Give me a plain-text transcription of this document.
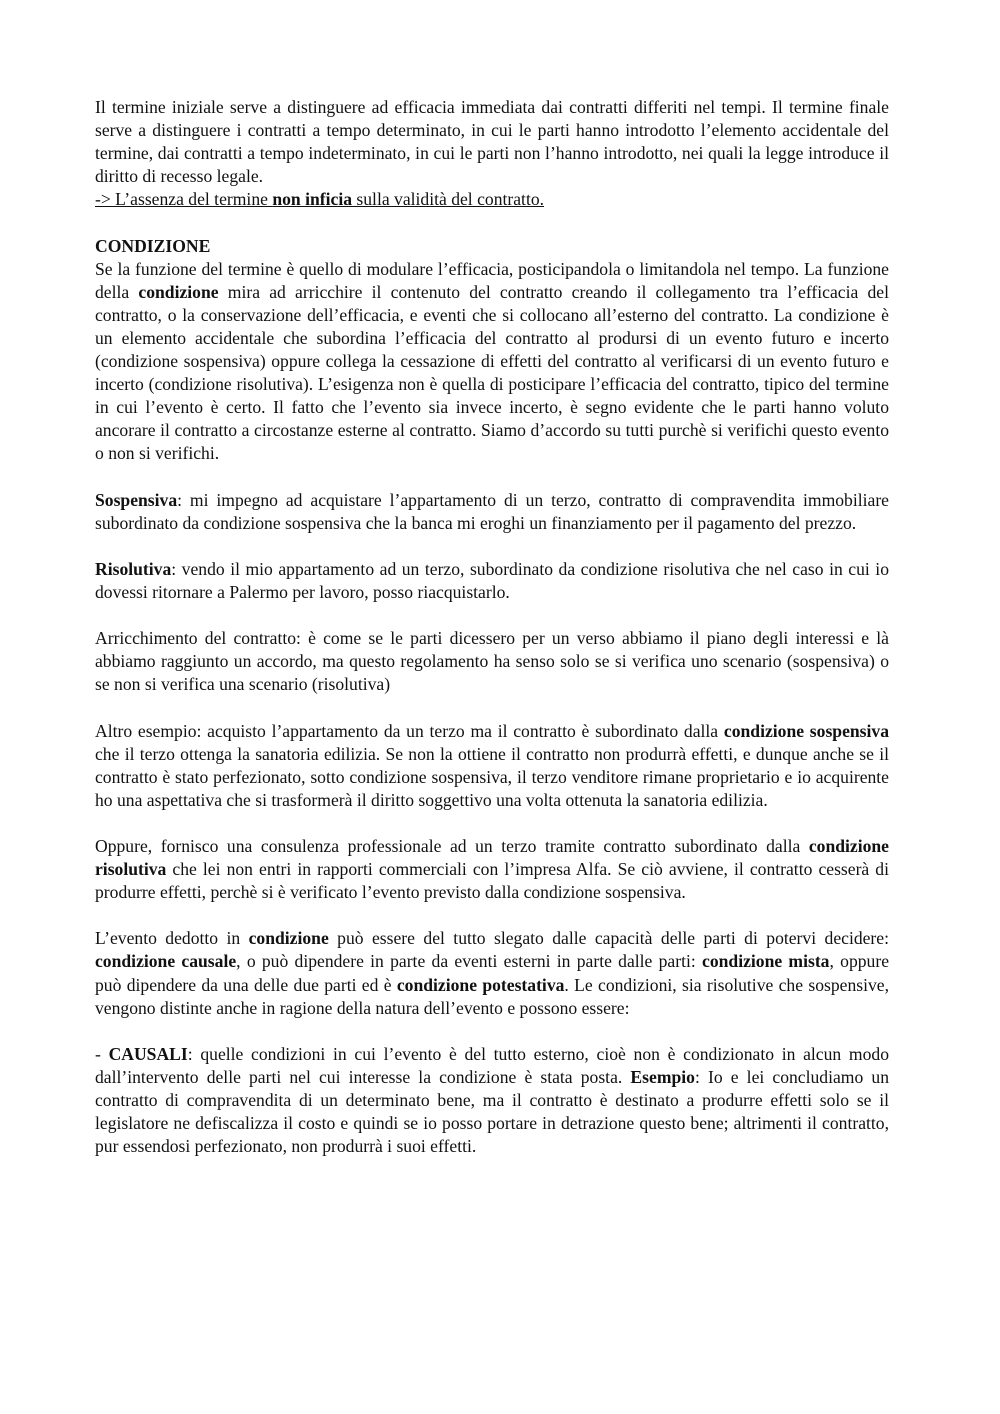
Il termine iniziale serve a distinguere ad efficacia immediata dai contratti differiti nel tempi. Il termine finale serve a distinguere i contratti a tempo determinato, in cui le parti hanno introdotto l’elemento accidentale del termine, dai contratti a tempo indeterminato, in cui le parti non l’hanno introdotto, nei quali la legge introduce il diritto di recesso legale.

-> L’assenza del termine non inficia sulla validità del contratto.

CONDIZIONE

Se la funzione del termine è quello di modulare l’efficacia, posticipandola o limitandola nel tempo. La funzione della condizione mira ad arricchire il contenuto del contratto creando il collegamento tra l’efficacia del contratto, o la conservazione dell’efficacia, e eventi che si collocano all’esterno del contratto. La condizione è un elemento accidentale che subordina l’efficacia del contratto al prodursi di un evento futuro e incerto (condizione sospensiva) oppure collega la cessazione di effetti del contratto al verificarsi di un evento futuro e incerto (condizione risolutiva). L’esigenza non è quella di posticipare l’efficacia del contratto, tipico del termine in cui l’evento è certo. Il fatto che l’evento sia invece incerto, è segno evidente che le parti hanno voluto ancorare il contratto a circostanze esterne al contratto. Siamo d’accordo su tutti purchè si verifichi questo evento o non si verifichi.

Sospensiva: mi impegno ad acquistare l’appartamento di un terzo, contratto di compravendita immobiliare subordinato da condizione sospensiva che la banca mi eroghi un finanziamento per il pagamento del prezzo.

Risolutiva: vendo il mio appartamento ad un terzo, subordinato da condizione risolutiva che nel caso in cui io dovessi ritornare a Palermo per lavoro, posso riacquistarlo.

Arricchimento del contratto: è come se le parti dicessero per un verso abbiamo il piano degli interessi e là abbiamo raggiunto un accordo, ma questo regolamento ha senso solo se si verifica uno scenario (sospensiva) o se non si verifica una scenario (risolutiva)

Altro esempio: acquisto l’appartamento da un terzo ma il contratto è subordinato dalla condizione sospensiva che il terzo ottenga la sanatoria edilizia. Se non la ottiene il contratto non produrrà effetti, e dunque anche se il contratto è stato perfezionato, sotto condizione sospensiva, il terzo venditore rimane proprietario e io acquirente ho una aspettativa che si trasformerà il diritto soggettivo una volta ottenuta la sanatoria edilizia.

Oppure, fornisco una consulenza professionale ad un terzo tramite contratto subordinato dalla condizione risolutiva che lei non entri in rapporti commerciali con l’impresa Alfa. Se ciò avviene, il contratto cesserà di produrre effetti, perchè si è verificato l’evento previsto dalla condizione sospensiva.

L’evento dedotto in condizione può essere del tutto slegato dalle capacità delle parti di potervi decidere: condizione causale, o può dipendere in parte da eventi esterni in parte dalle parti: condizione mista, oppure può dipendere da una delle due parti ed è condizione potestativa. Le condizioni, sia risolutive che sospensive, vengono distinte anche in ragione della natura dell’evento e possono essere:

- CAUSALI: quelle condizioni in cui l’evento è del tutto esterno, cioè non è condizionato in alcun modo dall’intervento delle parti nel cui interesse la condizione è stata posta. Esempio: Io e lei concludiamo un contratto di compravendita di un determinato bene, ma il contratto è destinato a produrre effetti solo se il legislatore ne defiscalizza il costo e quindi se io posso portare in detrazione questo bene; altrimenti il contratto, pur essendosi perfezionato, non produrrà i suoi effetti.
